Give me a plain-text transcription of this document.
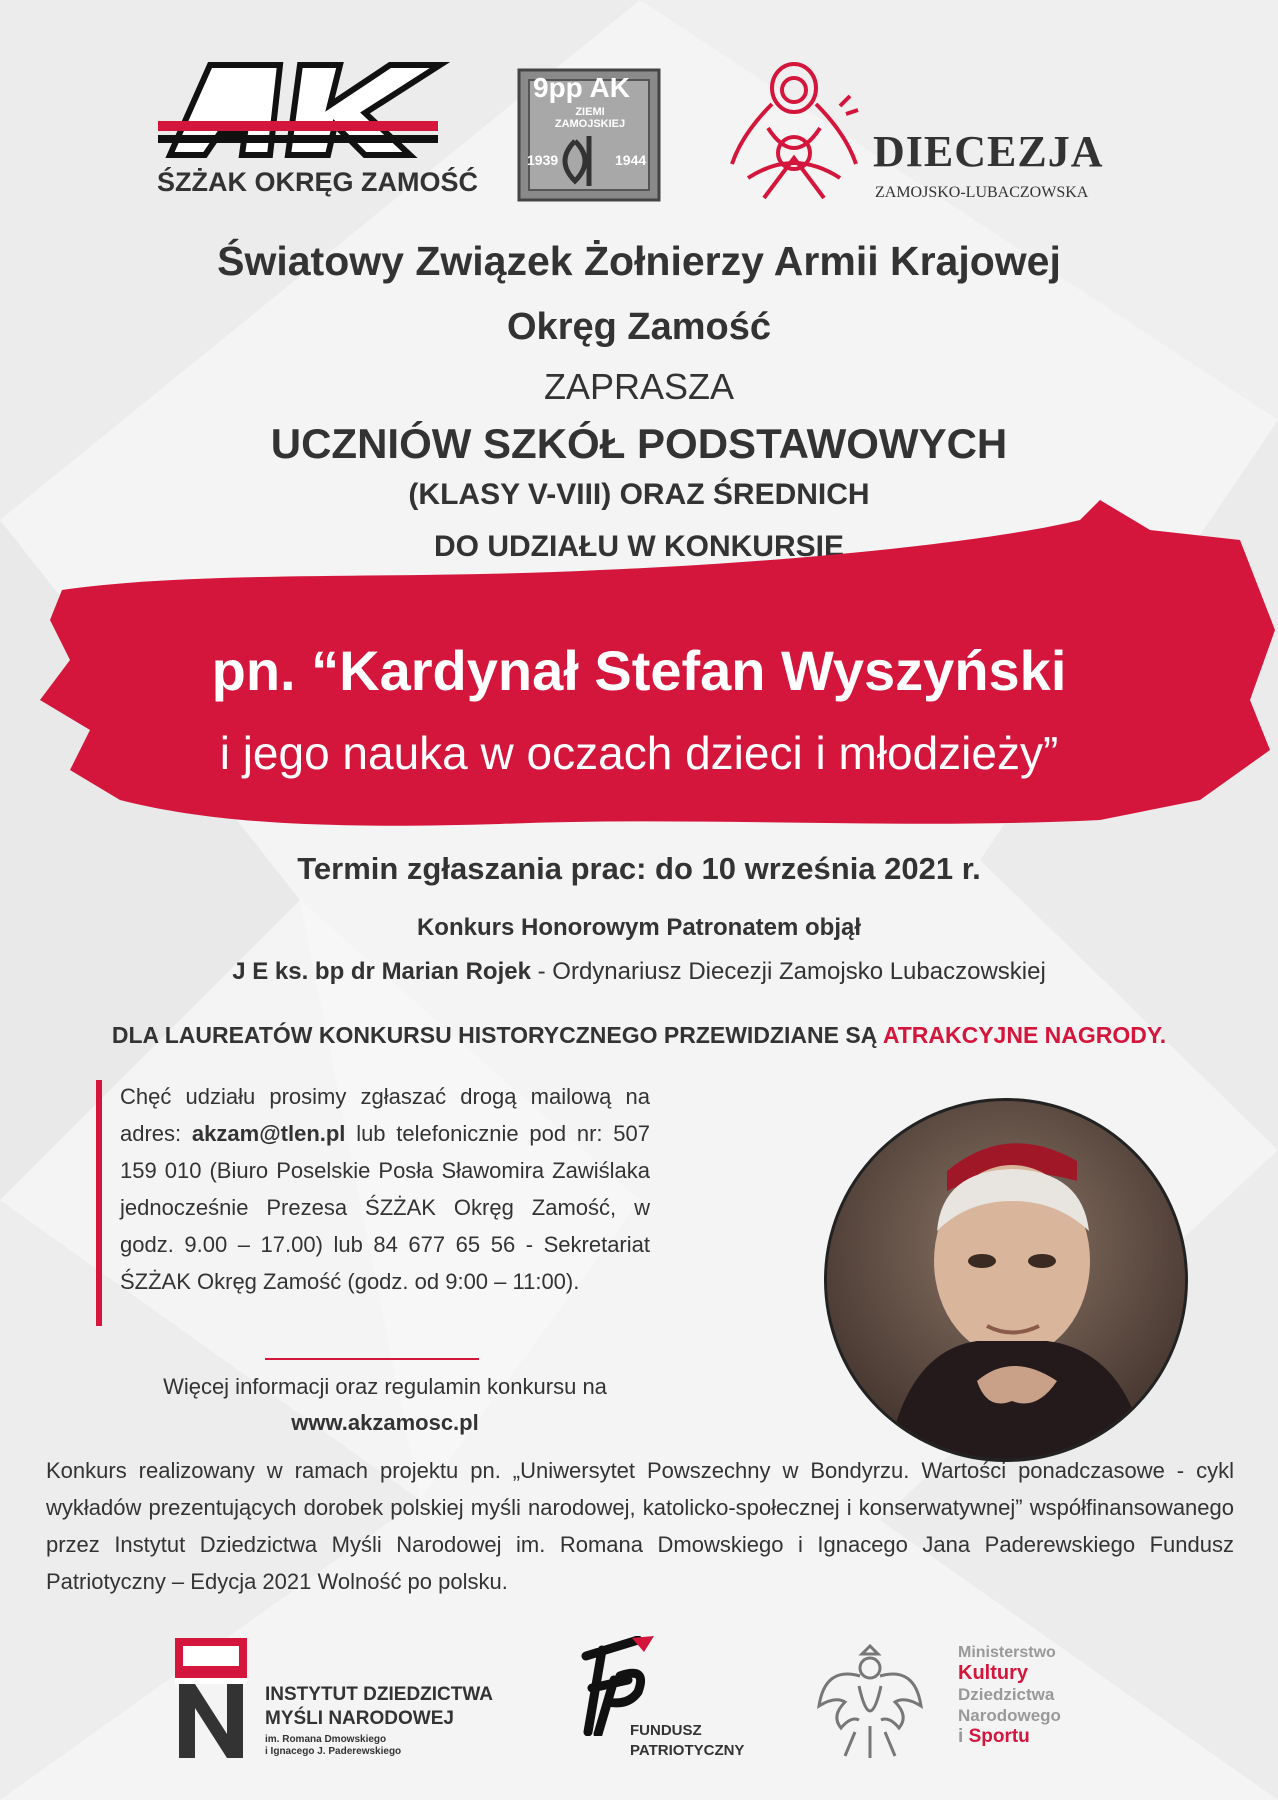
ŚZŻAK OKRĘG ZAMOŚĆ
9pp AK
ZIEMI ZAMOJSKIEJ
1939	1944	DIECEZJA
ZAMOJSKO-LUBACZOWSKA
Światowy Związek Żołnierzy Armii Krajowej
Okręg Zamość
ZAPRASZA
UCZNIÓW SZKÓŁ PODSTAWOWYCH
(KLASY V-VIII) ORAZ ŚREDNICH
DO UDZIAŁU W KONKURSIE
pn. “Kardynał Stefan Wyszyński
i jego nauka w oczach dzieci i młodzieży”
Termin zgłaszania prac: do 10 września 2021 r.
Konkurs Honorowym Patronatem objął
J E ks. bp dr Marian Rojek - Ordynariusz Diecezji Zamojsko Lubaczowskiej
DLA LAUREATÓW KONKURSU HISTORYCZNEGO PRZEWIDZIANE SĄ ATRAKCYJNE NAGRODY.
Chęć udziału prosimy zgłaszać drogą mailową na adres: akzam@tlen.pl lub telefonicznie pod nr: 507 159 010 (Biuro Poselskie Posła Sławomira Zawiślaka jednocześnie Prezesa ŚZŻAK Okręg Zamość, w godz. 9.00 – 17.00) lub 84 677 65 56 - Sekretariat ŚZŻAK Okręg Zamość (godz. od 9:00 – 11:00).
Więcej informacji oraz regulamin konkursu na
www.akzamosc.pl
Konkurs realizowany w ramach projektu pn. „Uniwersytet Powszechny w Bondyrzu. Wartości ponadczasowe - cykl wykładów prezentujących dorobek polskiej myśli narodowej, katolicko-społecznej i konserwatywnej” współfinansowanego przez Instytut Dziedzictwa Myśli Narodowej im. Romana Dmowskiego i Ignacego Jana Paderewskiego Fundusz Patriotyczny – Edycja 2021 Wolność po polsku.
INSTYTUT DZIEDZICTWA
MYŚLI NARODOWEJ
im. Romana Dmowskiego
i Ignacego J. Paderewskiego
FUNDUSZ
PATRIOTYCZNY
Ministerstwo
Kultury
Dziedzictwa
Narodowego
i Sportu
